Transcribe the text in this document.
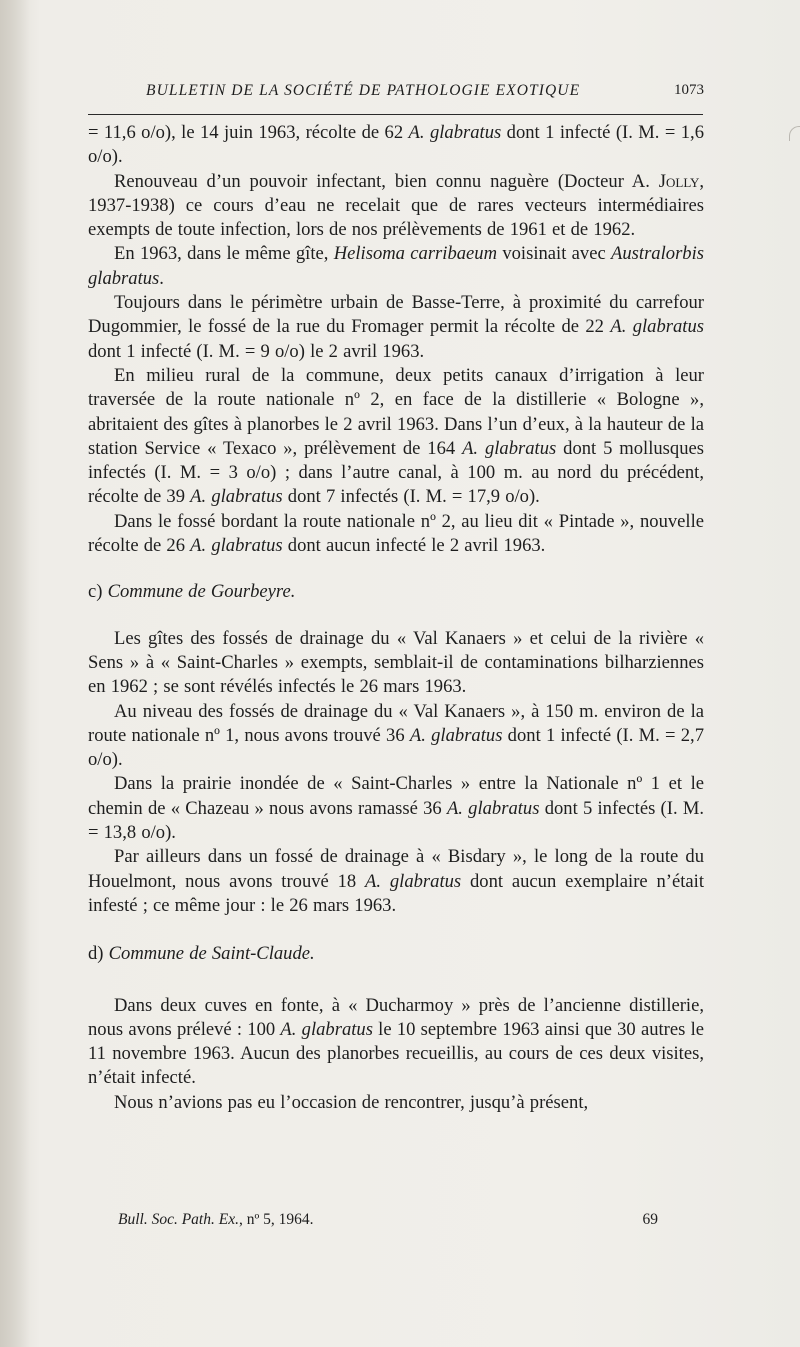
BULLETIN DE LA SOCIÉTÉ DE PATHOLOGIE EXOTIQUE	1073

= 11,6 o/o), le 14 juin 1963, récolte de 62 A. glabratus dont 1 infecté (I. M. = 1,6 o/o).

Renouveau d’un pouvoir infectant, bien connu naguère (Docteur A. Jolly, 1937-1938) ce cours d’eau ne recelait que de rares vecteurs intermédiaires exempts de toute infection, lors de nos prélèvements de 1961 et de 1962.

En 1963, dans le même gîte, Helisoma carribaeum voisinait avec Australorbis glabratus.

Toujours dans le périmètre urbain de Basse-Terre, à proximité du carrefour Dugommier, le fossé de la rue du Fromager permit la récolte de 22 A. glabratus dont 1 infecté (I. M. = 9 o/o) le 2 avril 1963.

En milieu rural de la commune, deux petits canaux d’irrigation à leur traversée de la route nationale nº 2, en face de la distillerie « Bologne », abritaient des gîtes à planorbes le 2 avril 1963. Dans l’un d’eux, à la hauteur de la station Service « Texaco », prélèvement de 164 A. glabratus dont 5 mollusques infectés (I. M. = 3 o/o) ; dans l’autre canal, à 100 m. au nord du précédent, récolte de 39 A. glabratus dont 7 infectés (I. M. = 17,9 o/o).

Dans le fossé bordant la route nationale nº 2, au lieu dit « Pintade », nouvelle récolte de 26 A. glabratus dont aucun infecté le 2 avril 1963.

c) Commune de Gourbeyre.

Les gîtes des fossés de drainage du « Val Kanaers » et celui de la rivière « Sens » à « Saint-Charles » exempts, semblait-il de contaminations bilharziennes en 1962 ; se sont révélés infectés le 26 mars 1963.

Au niveau des fossés de drainage du « Val Kanaers », à 150 m. environ de la route nationale nº 1, nous avons trouvé 36 A. glabratus dont 1 infecté (I. M. = 2,7 o/o).

Dans la prairie inondée de « Saint-Charles » entre la Nationale nº 1 et le chemin de « Chazeau » nous avons ramassé 36 A. glabratus dont 5 infectés (I. M. = 13,8 o/o).

Par ailleurs dans un fossé de drainage à « Bisdary », le long de la route du Houelmont, nous avons trouvé 18 A. glabratus dont aucun exemplaire n’était infesté ; ce même jour : le 26 mars 1963.

d) Commune de Saint-Claude.

Dans deux cuves en fonte, à « Ducharmoy » près de l’ancienne distillerie, nous avons prélevé : 100 A. glabratus le 10 septembre 1963 ainsi que 30 autres le 11 novembre 1963. Aucun des planorbes recueillis, au cours de ces deux visites, n’était infecté.

Nous n’avions pas eu l’occasion de rencontrer, jusqu’à présent,

Bull. Soc. Path. Ex., nº 5, 1964.	69
